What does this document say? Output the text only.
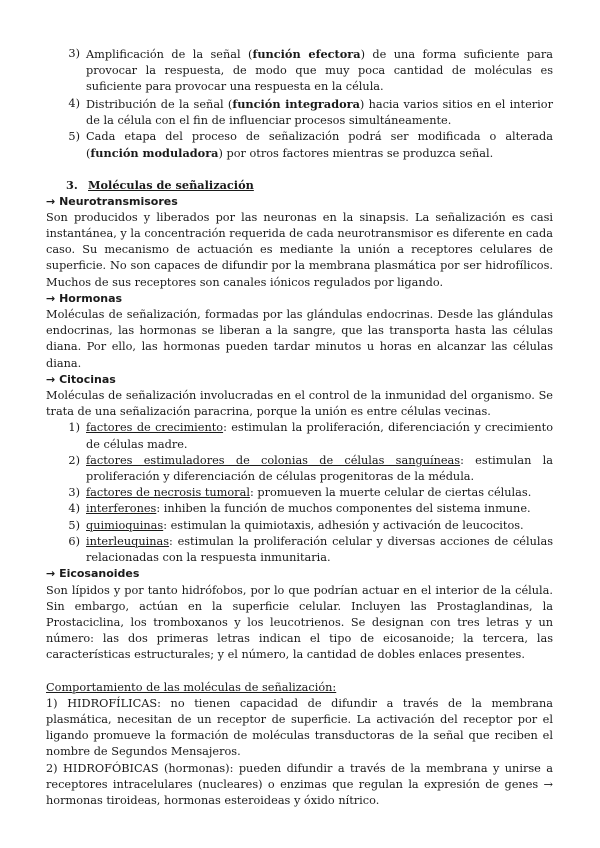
3) Amplificación de la señal (función efectora) de una forma suficiente para provocar la respuesta, de modo que muy poca cantidad de moléculas es suficiente para provocar una respuesta en la célula.
4) Distribución de la señal (función integradora) hacia varios sitios en el interior de la célula con el fin de influenciar procesos simultáneamente.
5) Cada etapa del proceso de señalización podrá ser modificada o alterada (función moduladora) por otros factores mientras se produzca señal.
3. Moléculas de señalización
→ Neurotransmisores

Son producidos y liberados por las neuronas en la sinapsis. La señalización es casi instantánea, y la concentración requerida de cada neurotransmisor es diferente en cada caso. Su mecanismo de actuación es mediante la unión a receptores celulares de superficie. No son capaces de difundir por la membrana plasmática por ser hidrofílicos. Muchos de sus receptores son canales iónicos regulados por ligando.

→ Hormonas

Moléculas de señalización, formadas por las glándulas endocrinas. Desde las glándulas endocrinas, las hormonas se liberan a la sangre, que las transporta hasta las células diana. Por ello, las hormonas pueden tardar minutos u horas en alcanzar las células diana.

→ Citocinas

Moléculas de señalización involucradas en el control de la inmunidad del organismo. Se trata de una señalización paracrina, porque la unión es entre células vecinas.

1) factores de crecimiento: estimulan la proliferación, diferenciación y crecimiento de células madre.
2) factores estimuladores de colonias de células sanguíneas: estimulan la proliferación y diferenciación de células progenitoras de la médula.
3) factores de necrosis tumoral: promueven la muerte celular de ciertas células.
4) interferones: inhiben la función de muchos componentes del sistema inmune.
5) quimioquinas: estimulan la quimiotaxis, adhesión y activación de leucocitos.
6) interleuquinas: estimulan la proliferación celular y diversas acciones de células relacionadas con la respuesta inmunitaria.
→ Eicosanoides

Son lípidos y por tanto hidrófobos, por lo que podrían actuar en el interior de la célula. Sin embargo, actúan en la superficie celular. Incluyen las Prostaglandinas, la Prostaciclina, los tromboxanos y los leucotrienos. Se designan con tres letras y un número: las dos primeras letras indican el tipo de eicosanoide; la tercera, las características estructurales; y el número, la cantidad de dobles enlaces presentes.

Comportamiento de las moléculas de señalización:

1) HIDROFÍLICAS: no tienen capacidad de difundir a través de la membrana plasmática, necesitan de un receptor de superficie. La activación del receptor por el ligando promueve la formación de moléculas transductoras de la señal que reciben el nombre de Segundos Mensajeros.

2) HIDROFÓBICAS (hormonas): pueden difundir a través de la membrana y unirse a receptores intracelulares (nucleares) o enzimas que regulan la expresión de genes → hormonas tiroideas, hormonas esteroideas y óxido nítrico.
